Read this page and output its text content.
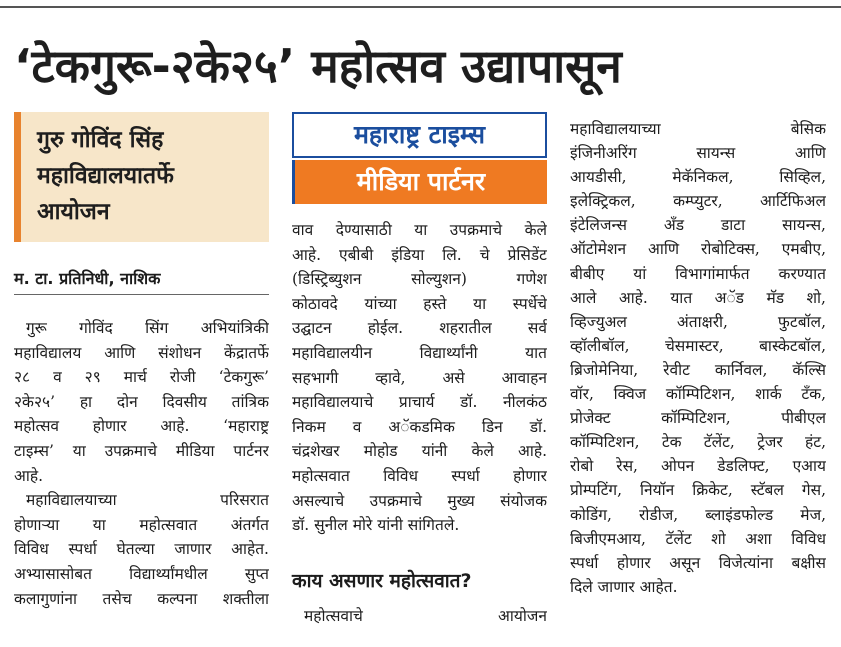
‘टेकगुरू-२के२५’ महोत्सव उद्यापासून
गुरु गोविंद सिंह
महाविद्यालयातर्फे
आयोजन
म. टा. प्रतिनिधी, नाशिक
गुरू गोविंद सिंग अभियांत्रिकी
महाविद्यालय आणि संशोधन केंद्रातर्फे
२८ व २९ मार्च रोजी ‘टेकगुरू’
२के२५’ हा दोन दिवसीय तांत्रिक
महोत्सव होणार आहे. ‘महाराष्ट्र
टाइम्स’ या उपक्रमाचे मीडिया पार्टनर
आहे.
महाविद्यालयाच्या परिसरात
होणाऱ्या या महोत्सवात अंतर्गत
विविध स्पर्धा घेतल्या जाणार आहेत.
अभ्यासासोबत विद्यार्थ्यांमधील सुप्त
कलागुणांना तसेच कल्पना शक्तीला
महाराष्ट्र टाइम्स
मीडिया पार्टनर
वाव देण्यासाठी या उपक्रमाचे केले
आहे. एबीबी इंडिया लि. चे प्रेसिडेंट
(डिस्ट्रिब्युशन सोल्युशन) गणेश
कोठावदे यांच्या हस्ते या स्पर्धेचे
उद्घाटन होईल. शहरातील सर्व
महाविद्यालयीन विद्यार्थ्यांनी यात
सहभागी व्हावे, असे आवाहन
महाविद्यालयाचे प्राचार्य डॉ. नीलकंठ
निकम व अॅकडमिक डिन डॉ.
चंद्रशेखर मोहोड यांनी केले आहे.
महोत्सवात विविध स्पर्धा होणार
असल्याचे उपक्रमाचे मुख्य संयोजक
डॉ. सुनील मोरे यांनी सांगितले.
काय असणार महोत्सवात?
महोत्सवाचे आयोजन
महाविद्यालयाच्या बेसिक
इंजिनीअरिंग सायन्स आणि
आयडीसी, मेकॅनिकल, सिव्हिल,
इलेक्ट्रिकल, कम्प्युटर, आर्टिफिअल
इंटेलिजन्स अँड डाटा सायन्स,
ऑटोमेशन आणि रोबोटिक्स, एमबीए,
बीबीए यां विभागांमार्फत करण्यात
आले आहे. यात अॅड मॅड शो,
व्हिज्युअल अंताक्षरी, फुटबॉल,
व्हॉलीबॉल, चेसमास्टर, बास्केटबॉल,
ब्रिजोमेनिया, रेवीट कार्निवल, कॅल्सि
वॉर, क्विज कॉम्पिटिशन, शार्क टँक,
प्रोजेक्ट कॉम्पिटिशन, पीबीएल
कॉम्पिटिशन, टेक टॅलेंट, ट्रेजर हंट,
रोबो रेस, ओपन डेडलिफ्ट, एआय
प्रोम्पटिंग, नियॉन क्रिकेट, स्टॅबल गेस,
कोडिंग, रोडीज, ब्लाइंडफोल्ड मेज,
बिजीएमआय, टॅलेंट शो अशा विविध
स्पर्धा होणार असून विजेत्यांना बक्षीस
दिले जाणार आहेत.
